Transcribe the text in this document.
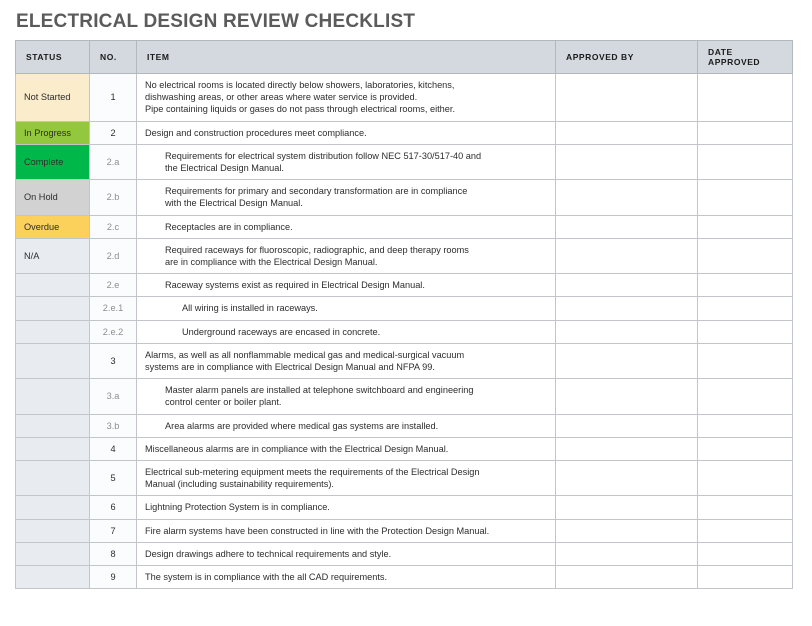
ELECTRICAL DESIGN REVIEW CHECKLIST
STATUS	NO.	ITEM	APPROVED BY	DATE APPROVED
Not Started	1	No electrical rooms is located directly below showers, laboratories, kitchens,
dishwashing areas, or other areas where water service is provided.
Pipe containing liquids or gases do not pass through electrical rooms, either.		

In Progress	2	Design and construction procedures meet compliance.		

Complete	2.a	Requirements for electrical system distribution follow NEC 517-30/517-40 and
the Electrical Design Manual.		

On Hold	2.b	Requirements for primary and secondary transformation are in compliance
with the Electrical Design Manual.		

Overdue	2.c	Receptacles are in compliance.		

N/A	2.d	Required raceways for fluoroscopic, radiographic, and deep therapy rooms
are in compliance with the Electrical Design Manual.		

	2.e	Raceway systems exist as required in Electrical Design Manual.		

	2.e.1	All wiring is installed in raceways.		

	2.e.2	Underground raceways are encased in concrete.		

	3	Alarms, as well as all nonflammable medical gas and medical-surgical vacuum
systems are in compliance with Electrical Design Manual and NFPA 99.		

	3.a	Master alarm panels are installed at telephone switchboard and engineering
control center or boiler plant.		

	3.b	Area alarms are provided where medical gas systems are installed.		

	4	Miscellaneous alarms are in compliance with the Electrical Design Manual.		

	5	Electrical sub-metering equipment meets the requirements of the Electrical Design
Manual (including sustainability requirements).		

	6	Lightning Protection System is in compliance.		

	7	Fire alarm systems have been constructed in line with the Protection Design Manual.		

	8	Design drawings adhere to technical requirements and style.		

	9	The system is in compliance with the all CAD requirements.		
